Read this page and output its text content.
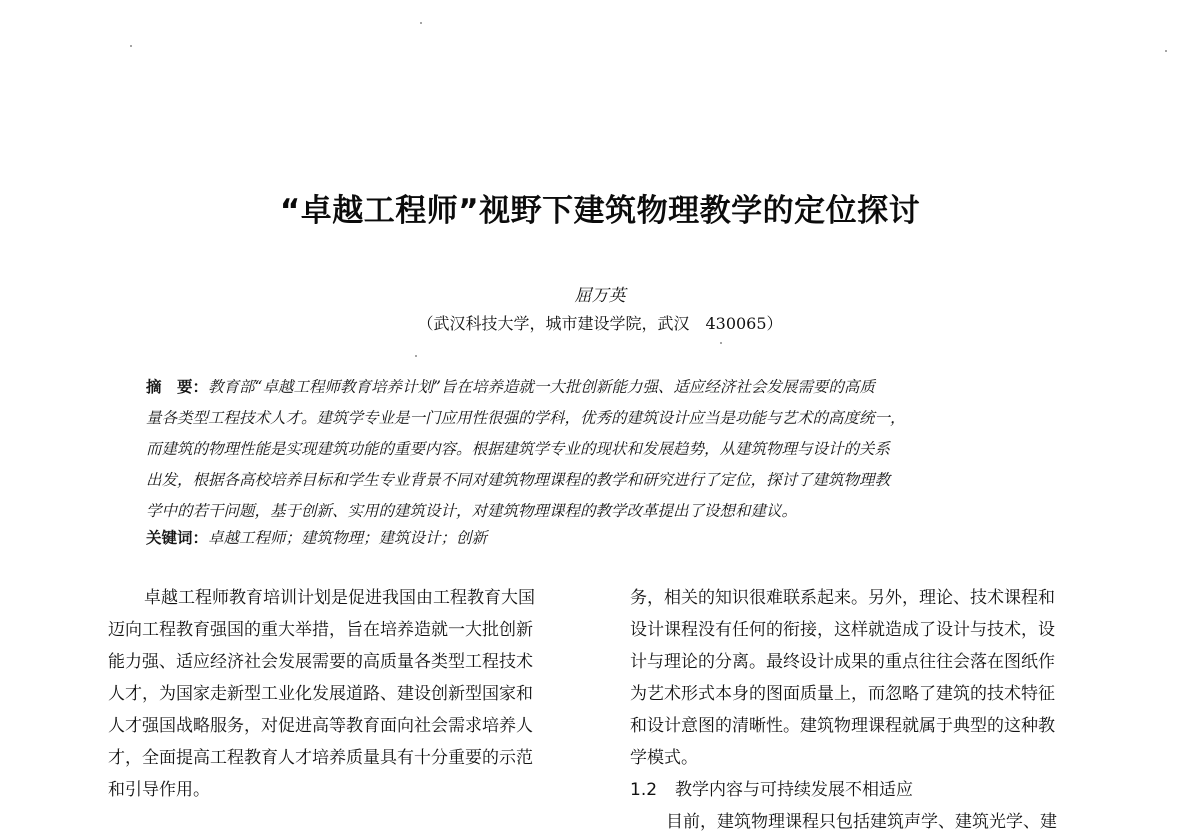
“卓越工程师”视野下建筑物理教学的定位探讨
屈万英
（武汉科技大学，城市建设学院，武汉　430065）
摘　要：教育部“卓越工程师教育培养计划”旨在培养造就一大批创新能力强、适应经济社会发展需要的高质
量各类型工程技术人才。建筑学专业是一门应用性很强的学科，优秀的建筑设计应当是功能与艺术的高度统一，
而建筑的物理性能是实现建筑功能的重要内容。根据建筑学专业的现状和发展趋势，从建筑物理与设计的关系
出发，根据各高校培养目标和学生专业背景不同对建筑物理课程的教学和研究进行了定位，探讨了建筑物理教
学中的若干问题，基于创新、实用的建筑设计，对建筑物理课程的教学改革提出了设想和建议。
关键词：卓越工程师；建筑物理；建筑设计；创新
卓越工程师教育培训计划是促进我国由工程教育大国
迈向工程教育强国的重大举措，旨在培养造就一大批创新
能力强、适应经济社会发展需要的高质量各类型工程技术
人才，为国家走新型工业化发展道路、建设创新型国家和
人才强国战略服务，对促进高等教育面向社会需求培养人
才，全面提高工程教育人才培养质量具有十分重要的示范
和引导作用。
务，相关的知识很难联系起来。另外，理论、技术课程和
设计课程没有任何的衔接，这样就造成了设计与技术，设
计与理论的分离。最终设计成果的重点往往会落在图纸作
为艺术形式本身的图面质量上，而忽略了建筑的技术特征
和设计意图的清晰性。建筑物理课程就属于典型的这种教
学模式。
1.2 教学内容与可持续发展不相适应
目前，建筑物理课程只包括建筑声学、建筑光学、建
